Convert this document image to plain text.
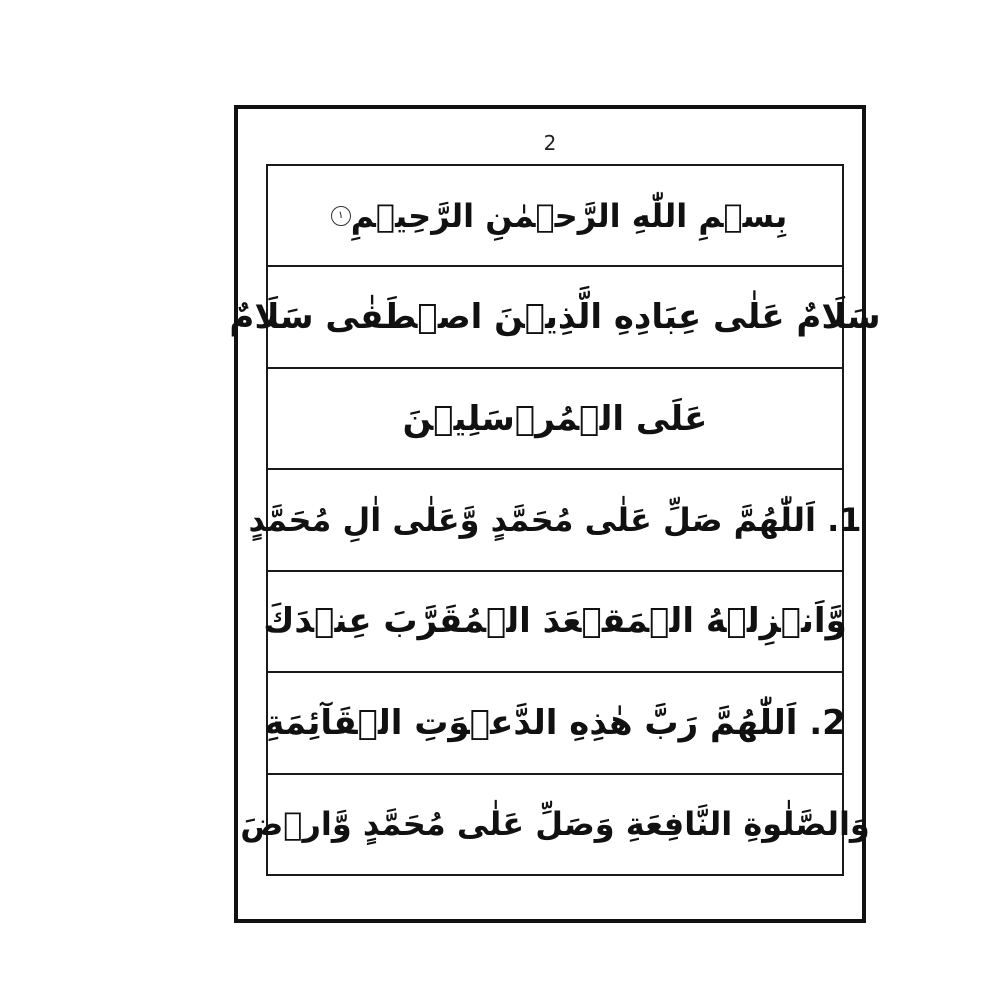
2
بِسۡمِ اللّٰهِ الرَّحۡمٰنِ الرَّحِيۡمِ
١
سَلَامٌ عَلٰى عِبَادِهِ الَّذِيۡنَ اصۡطَفٰى سَلَامٌ
عَلَى الۡمُرۡسَلِيۡنَ
1. اَللّٰهُمَّ صَلِّ عَلٰى مُحَمَّدٍ وَّعَلٰى اٰلِ مُحَمَّدٍ
وَّاَنۡزِلۡهُ الۡمَقۡعَدَ الۡمُقَرَّبَ عِنۡدَكَ
2. اَللّٰهُمَّ رَبَّ هٰذِهِ الدَّعۡوَتِ الۡقَآئِمَةِ
وَالصَّلٰوةِ النَّافِعَةِ وَصَلِّ عَلٰى مُحَمَّدٍ وَّارۡضَ
